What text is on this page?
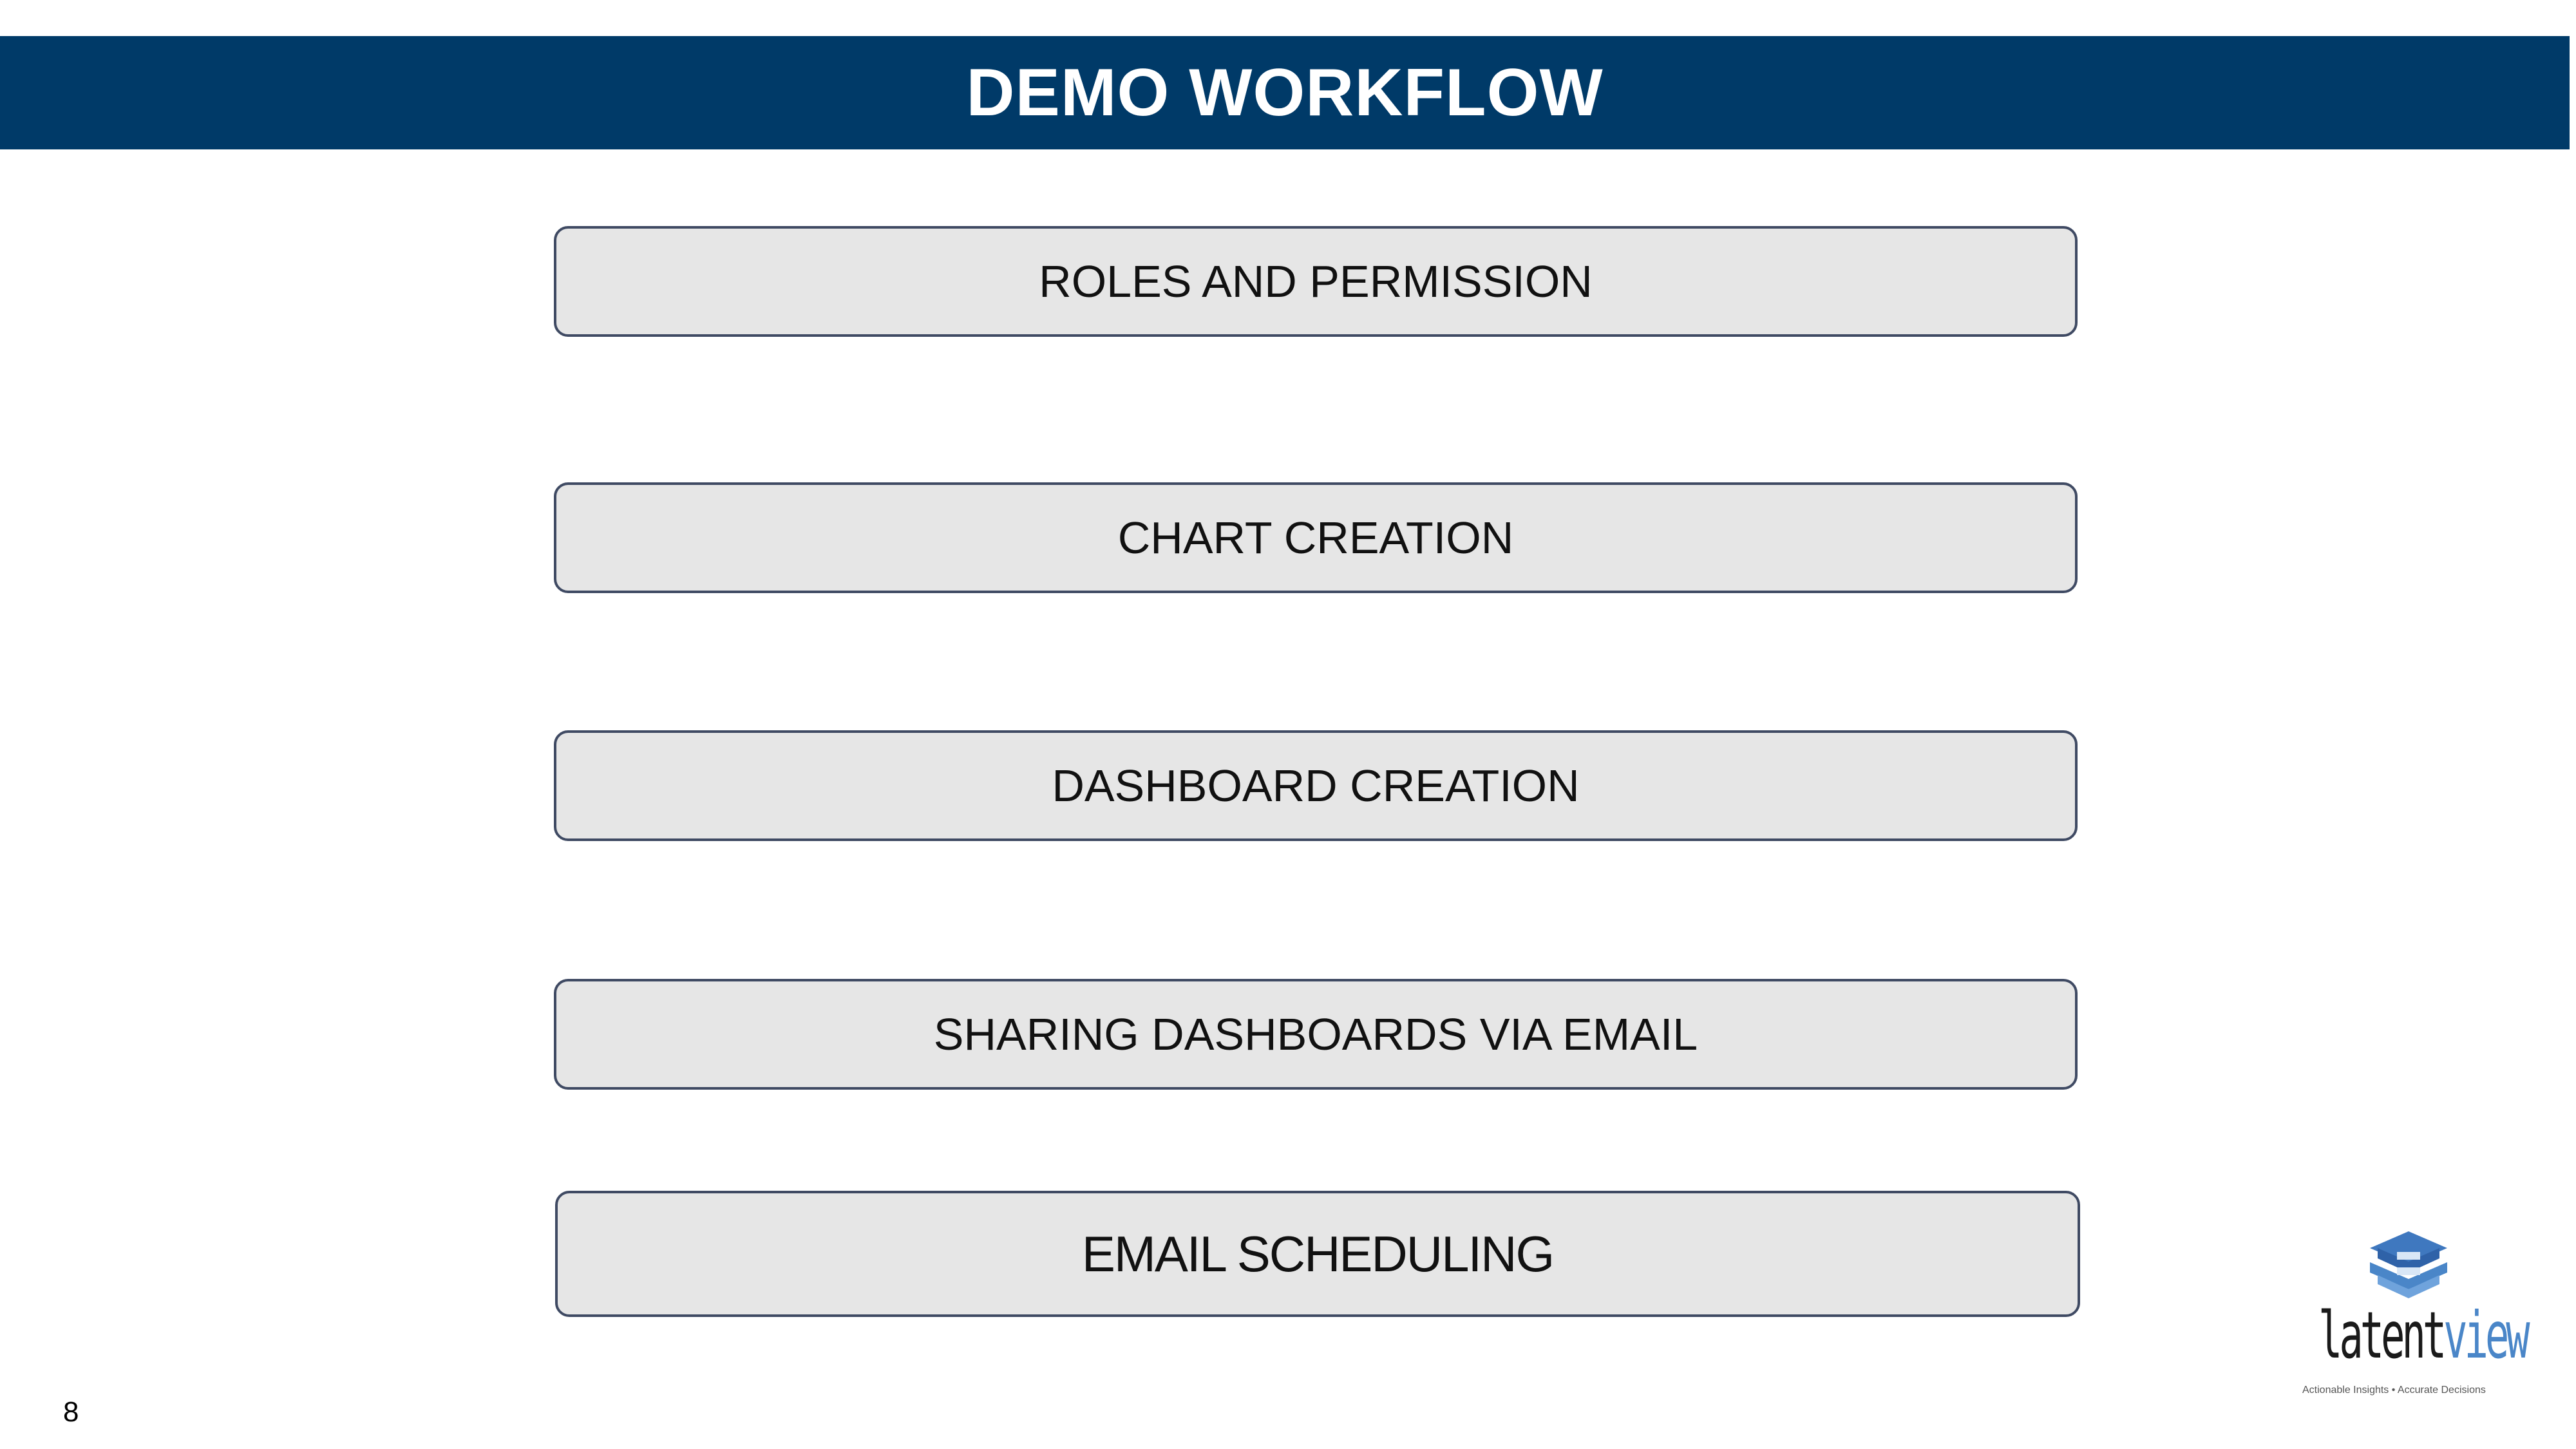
DEMO WORKFLOW
ROLES AND PERMISSION
CHART CREATION
DASHBOARD CREATION
SHARING DASHBOARDS VIA EMAIL
EMAIL SCHEDULING
8
latentview
Actionable Insights • Accurate Decisions
